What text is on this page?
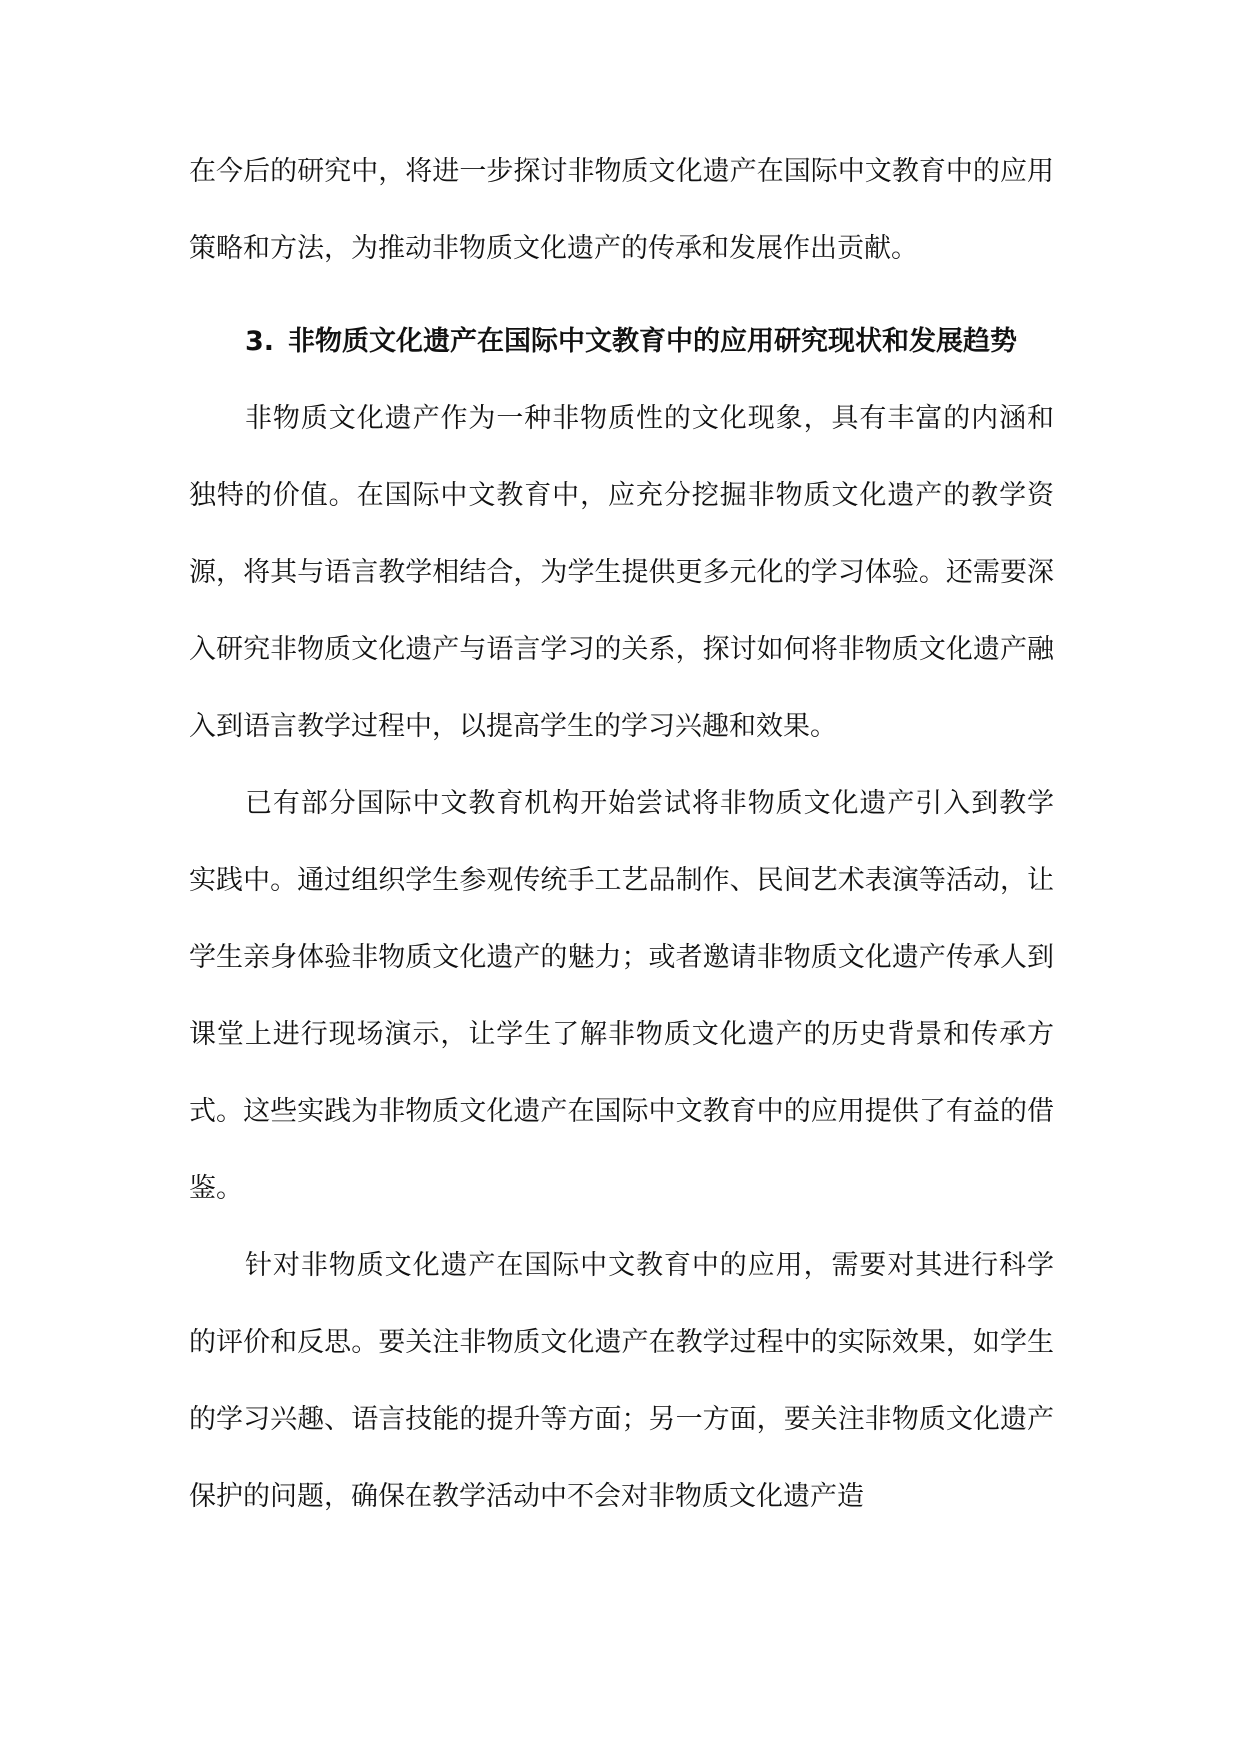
在今后的研究中，将进一步探讨非物质文化遗产在国际中文教育中的应用策略和方法，为推动非物质文化遗产的传承和发展作出贡献。

3. 非物质文化遗产在国际中文教育中的应用研究现状和发展趋势

非物质文化遗产作为一种非物质性的文化现象，具有丰富的内涵和独特的价值。在国际中文教育中，应充分挖掘非物质文化遗产的教学资源，将其与语言教学相结合，为学生提供更多元化的学习体验。还需要深入研究非物质文化遗产与语言学习的关系，探讨如何将非物质文化遗产融入到语言教学过程中，以提高学生的学习兴趣和效果。

已有部分国际中文教育机构开始尝试将非物质文化遗产引入到教学实践中。通过组织学生参观传统手工艺品制作、民间艺术表演等活动，让学生亲身体验非物质文化遗产的魅力；或者邀请非物质文化遗产传承人到课堂上进行现场演示，让学生了解非物质文化遗产的历史背景和传承方式。这些实践为非物质文化遗产在国际中文教育中的应用提供了有益的借鉴。

针对非物质文化遗产在国际中文教育中的应用，需要对其进行科学的评价和反思。要关注非物质文化遗产在教学过程中的实际效果，如学生的学习兴趣、语言技能的提升等方面；另一方面，要关注非物质文化遗产保护的问题，确保在教学活动中不会对非物质文化遗产造
